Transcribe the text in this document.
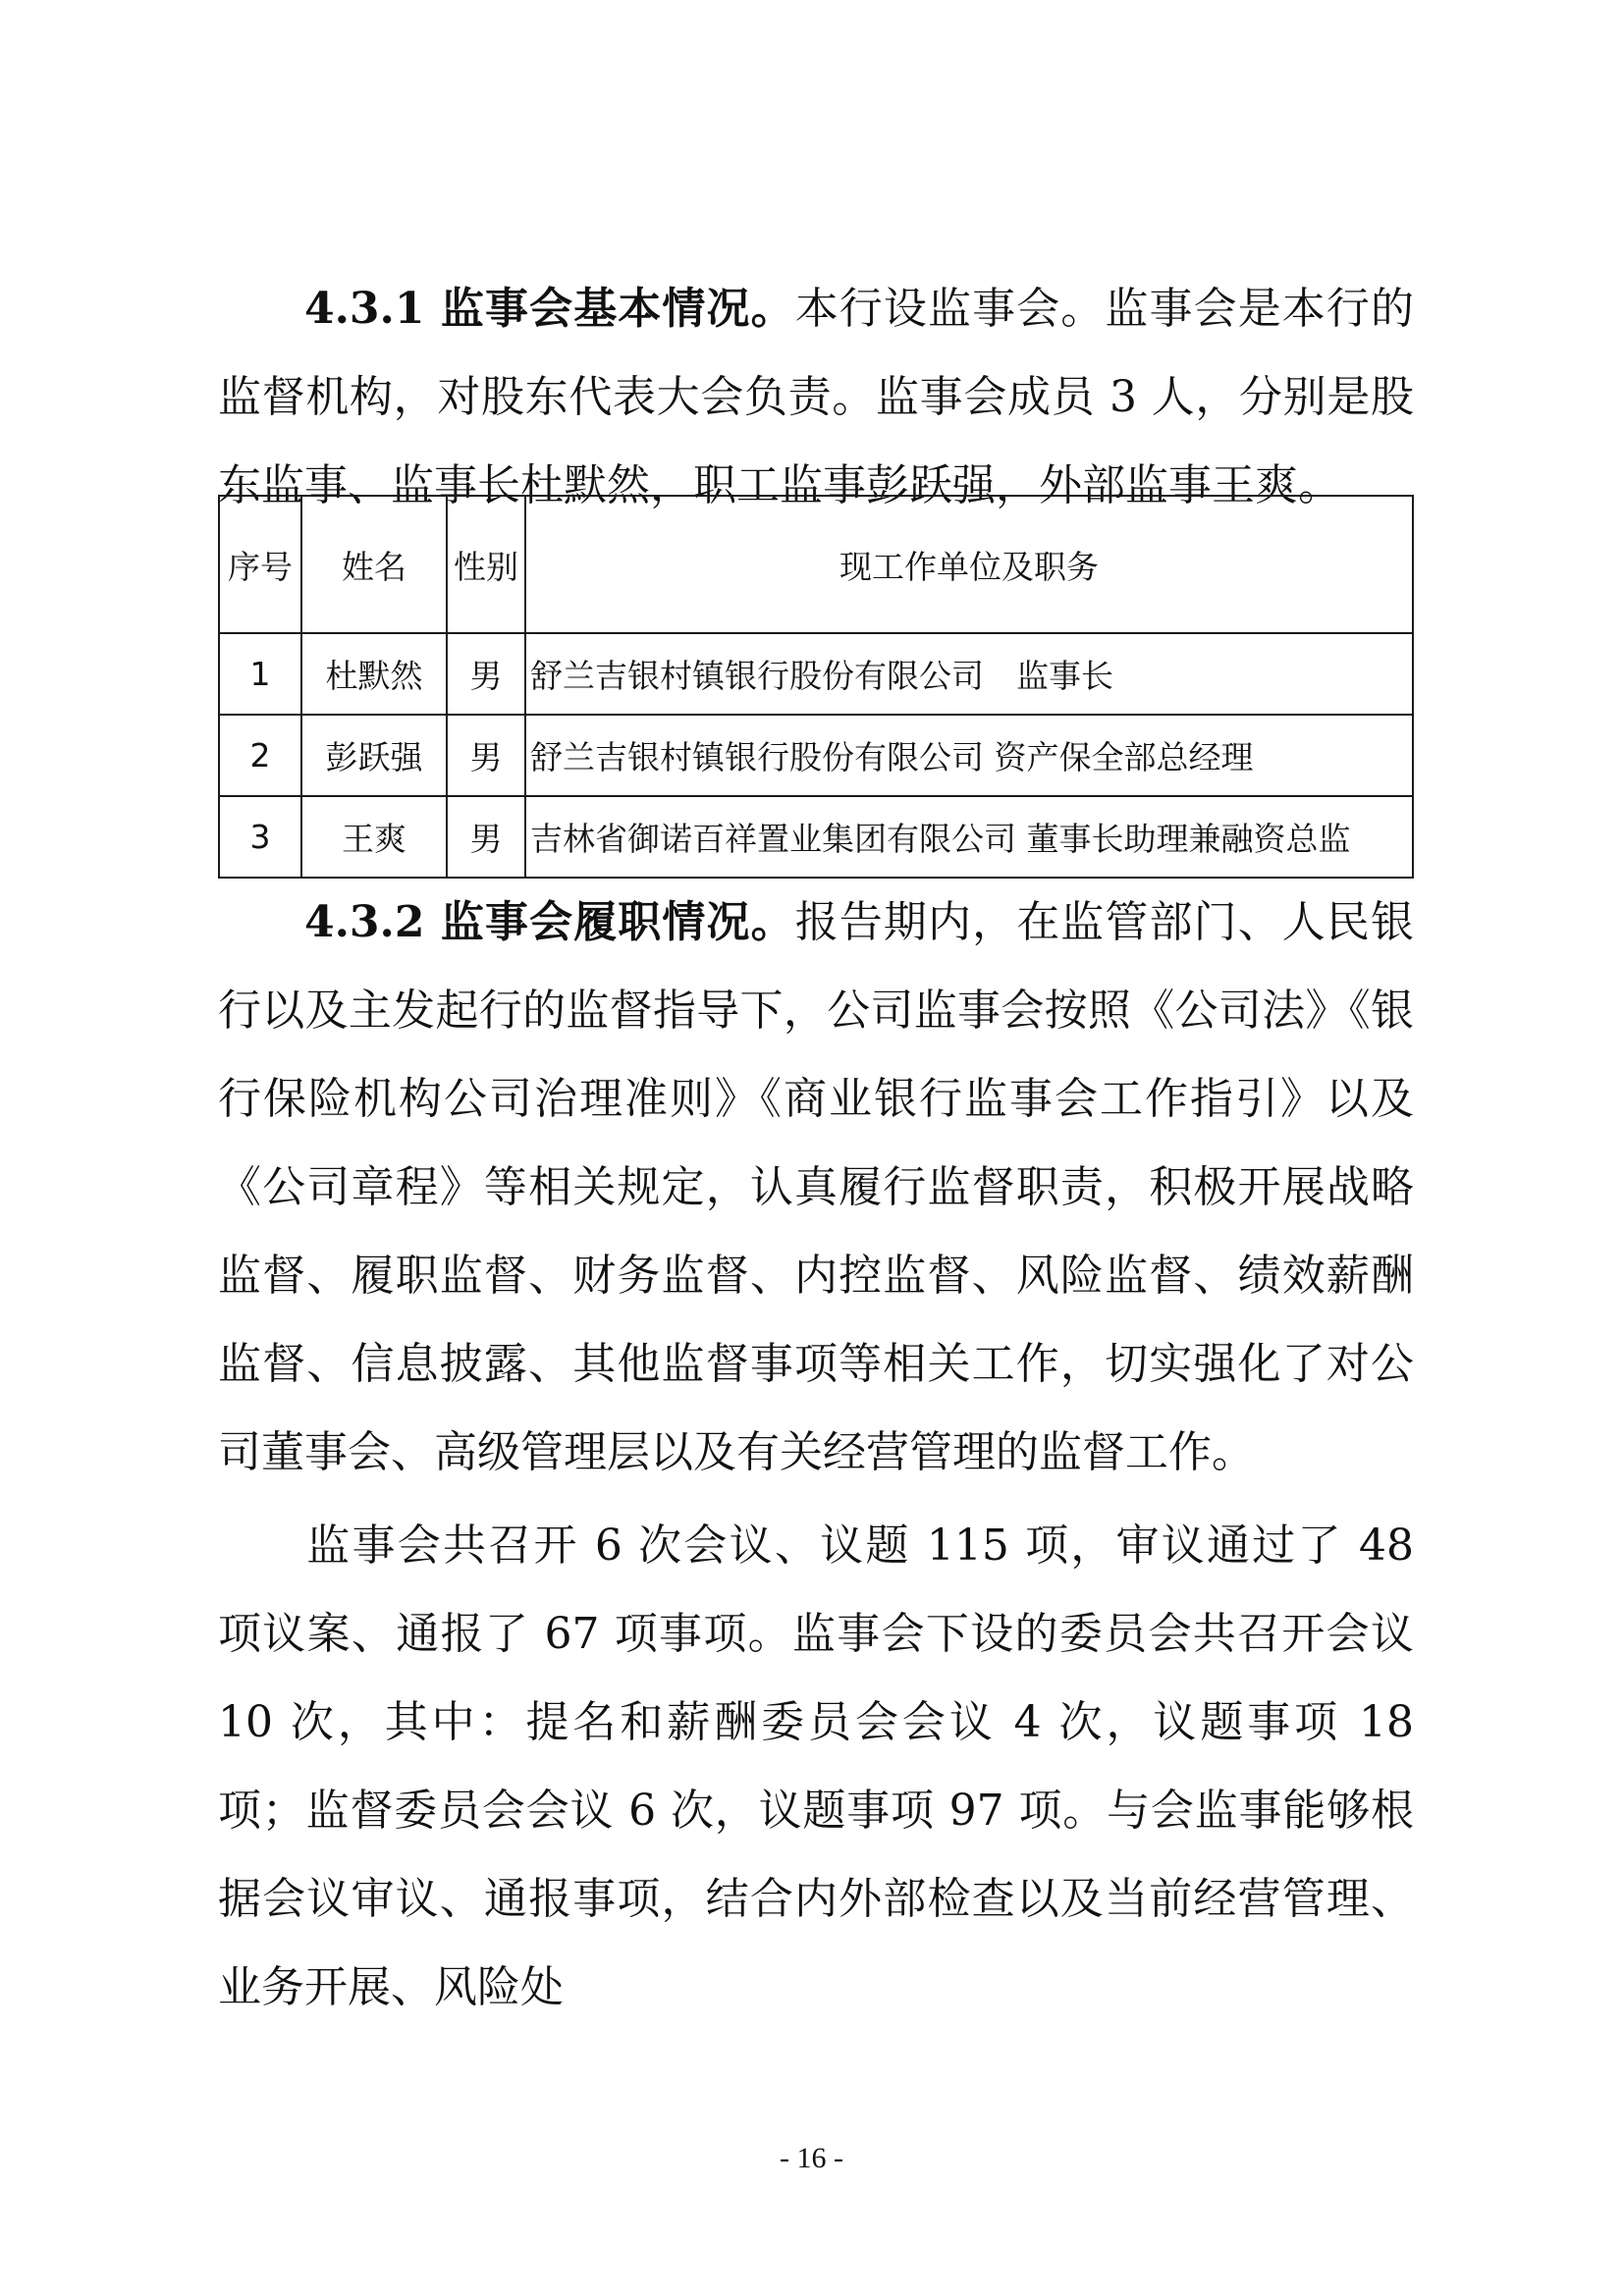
4.3.1 监事会基本情况。本行设监事会。监事会是本行的监督机构，对股东代表大会负责。监事会成员 3 人，分别是股东监事、监事长杜默然，职工监事彭跃强，外部监事王爽。

序号	姓名	性别	现工作单位及职务
1	杜默然	男	舒兰吉银村镇银行股份有限公司　监事长
2	彭跃强	男	舒兰吉银村镇银行股份有限公司 资产保全部总经理
3	王爽	男	吉林省御诺百祥置业集团有限公司 董事长助理兼融资总监

4.3.2 监事会履职情况。报告期内，在监管部门、人民银行以及主发起行的监督指导下，公司监事会按照《公司法》《银行保险机构公司治理准则》《商业银行监事会工作指引》以及《公司章程》等相关规定，认真履行监督职责，积极开展战略监督、履职监督、财务监督、内控监督、风险监督、绩效薪酬监督、信息披露、其他监督事项等相关工作，切实强化了对公司董事会、高级管理层以及有关经营管理的监督工作。

监事会共召开 6 次会议、议题 115 项，审议通过了 48 项议案、通报了 67 项事项。监事会下设的委员会共召开会议 10 次，其中：提名和薪酬委员会会议 4 次，议题事项 18 项；监督委员会会议 6 次，议题事项 97 项。与会监事能够根据会议审议、通报事项，结合内外部检查以及当前经营管理、业务开展、风险处

- 16 -
